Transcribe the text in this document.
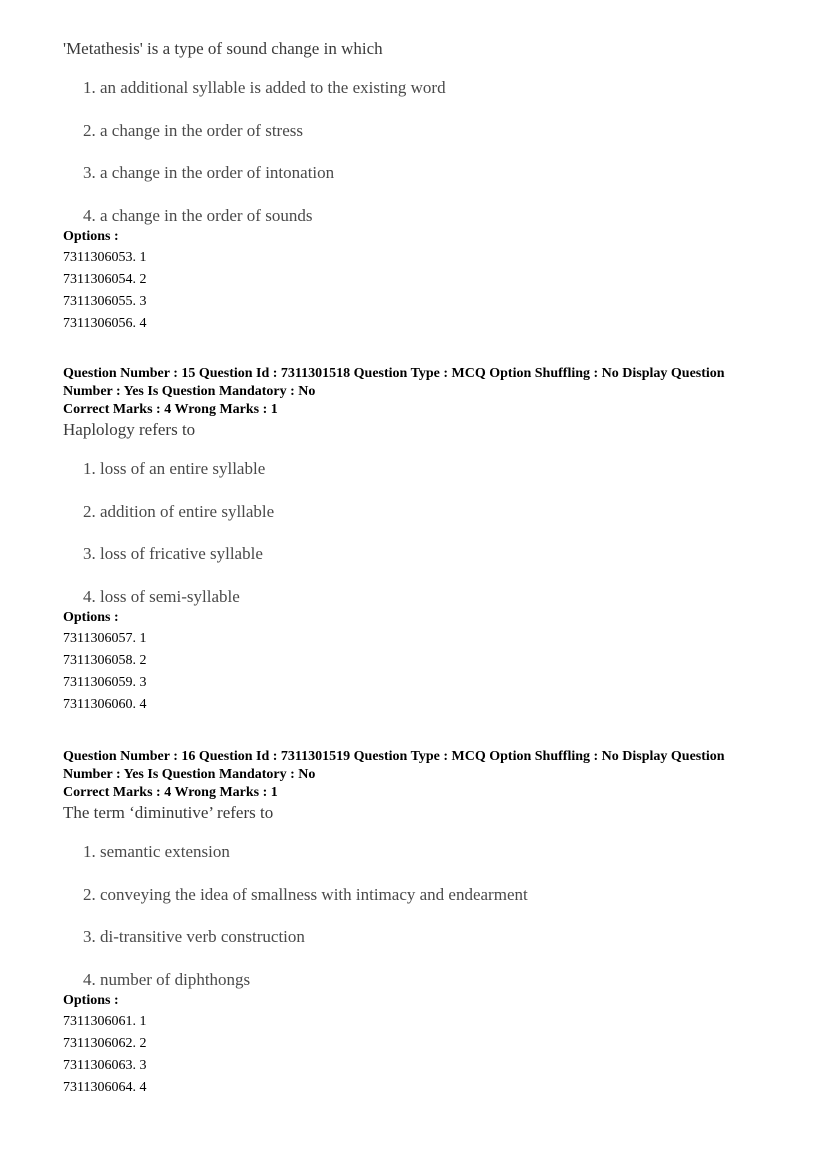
'Metathesis' is a type of sound change in which

1. an additional syllable is added to the existing word

2. a change in the order of stress

3. a change in the order of intonation

4. a change in the order of sounds

Options :

7311306053. 1

7311306054. 2

7311306055. 3

7311306056. 4

Question Number : 15 Question Id : 7311301518 Question Type : MCQ Option Shuffling : No Display Question Number : Yes Is Question Mandatory : No

Correct Marks : 4 Wrong Marks : 1

Haplology refers to

1. loss of an entire syllable

2. addition of entire syllable

3. loss of fricative syllable

4. loss of semi-syllable

Options :

7311306057. 1

7311306058. 2

7311306059. 3

7311306060. 4

Question Number : 16 Question Id : 7311301519 Question Type : MCQ Option Shuffling : No Display Question Number : Yes Is Question Mandatory : No

Correct Marks : 4 Wrong Marks : 1

The term ‘diminutive’ refers to

1. semantic extension

2. conveying the idea of smallness with intimacy and endearment

3. di-transitive verb construction

4. number of diphthongs

Options :

7311306061. 1

7311306062. 2

7311306063. 3

7311306064. 4
